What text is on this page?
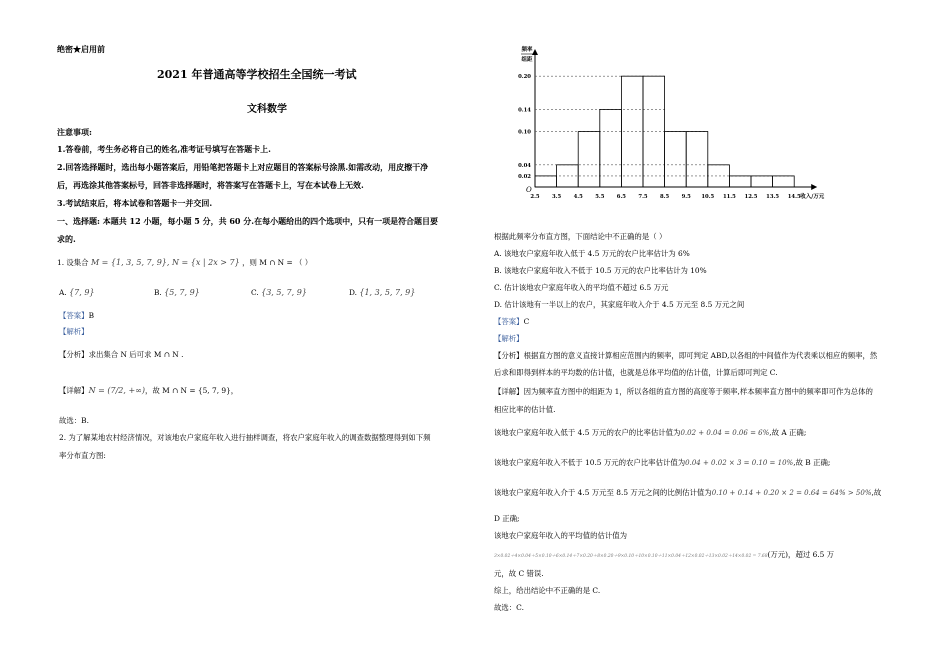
绝密★启用前
2021 年普通高等学校招生全国统一考试
文科数学
注意事项:
1.答卷前，考生务必将自己的姓名,准考证号填写在答题卡上.
2.回答选择题时，选出每小题答案后，用铅笔把答题卡上对应题目的答案标号涂黑.如需改动，用皮擦干净
后，再选涂其他答案标号，回答非选择题时，将答案写在答题卡上，写在本试卷上无效.
3.考试结束后，将本试卷和答题卡一并交回.
一、选择题: 本题共 12 小题，每小题 5 分，共 60 分.在每小题给出的四个选项中，只有一项是符合题目要
求的.
1. 设集合 M = {1, 3, 5, 7, 9}, N = {x | 2x > 7} ，则 M ∩ N = （ ）
A. {7, 9}	B. {5, 7, 9}	C. {3, 5, 7, 9}	D. {1, 3, 5, 7, 9}
【答案】B
【解析】
【分析】求出集合 N 后可求 M ∩ N .
【详解】N = (7/2, +∞)，故 M ∩ N = {5, 7, 9}，
故选：B.
2. 为了解某地农村经济情况，对该地农户家庭年收入进行抽样调查，将农户家庭年收入的调查数据整理得到如下频
率分布直方图:
O
频率
组距
收入/万元
0.20
0.14
0.10
0.04
0.02
2.5 3.5 4.5 5.5 6.5 7.5 8.5 9.5 10.5 11.5 12.5 13.5 14.5
根据此频率分布直方图，下面结论中不正确的是（ ）
A. 该地农户家庭年收入低于 4.5 万元的农户比率估计为 6%
B. 该地农户家庭年收入不低于 10.5 万元的农户比率估计为 10%
C. 估计该地农户家庭年收入的平均值不超过 6.5 万元
D. 估计该地有一半以上的农户，其家庭年收入介于 4.5 万元至 8.5 万元之间
【答案】C
【解析】
【分析】根据直方图的意义直接计算相应范围内的频率，即可判定 ABD,以各组的中间值作为代表乘以相应的频率，然
后求和即得到样本的平均数的估计值，也就是总体平均值的估计值，计算后即可判定 C.
【详解】因为频率直方图中的组距为 1，所以各组的直方图的高度等于频率,样本频率直方图中的频率即可作为总体的
相应比率的估计值.
该地农户家庭年收入低于 4.5 万元的农户的比率估计值为0.02 + 0.04 = 0.06 = 6%,故 A 正确;
该地农户家庭年收入不低于 10.5 万元的农户比率估计值为0.04 + 0.02 × 3 = 0.10 = 10%,故 B 正确;
该地农户家庭年收入介于 4.5 万元至 8.5 万元之间的比例估计值为0.10 + 0.14 + 0.20 × 2 = 0.64 = 64% > 50%,故
D 正确;
该地农户家庭年收入的平均值的估计值为
3×0.02＋4×0.04＋5×0.10＋6×0.14＋7×0.20＋8×0.20＋9×0.10＋10×0.10＋11×0.04＋12×0.02＋13×0.02＋14×0.02 = 7.68(万元)，超过 6.5 万
元，故 C 错误.
综上，给出结论中不正确的是 C.
故选：C.
